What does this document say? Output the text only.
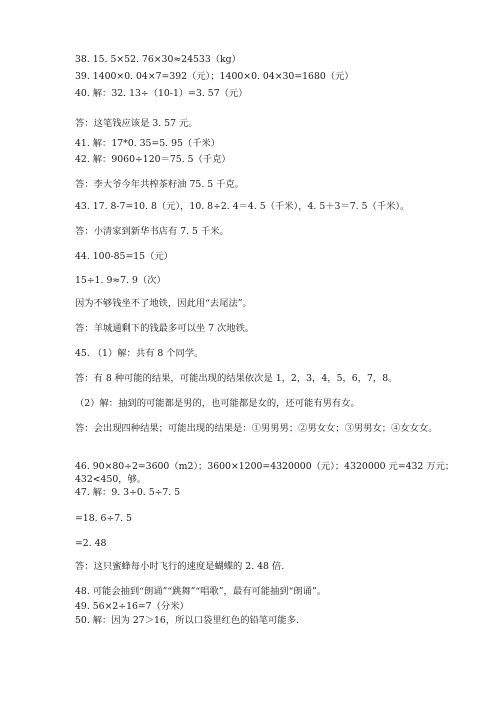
38. 15. 5×52. 76×30≈24533（kg）
39. 1400×0. 04×7=392（元）；1400×0. 04×30=1680（元）
40. 解：32. 13÷（10-1）=3. 57（元）
答：这笔钱应该是 3. 57 元。
41. 解：17*0. 35=5. 95（千米）
42. 解：9060÷120＝75. 5（千克）
答：李大爷今年共榨茶籽油 75. 5 千克。
43. 17. 8-7=10. 8（元），10. 8÷2. 4＝4. 5（千米），4. 5＋3＝7. 5（千米）。
答：小清家到新华书店有 7. 5 千米。
44. 100-85=15（元）
15÷1. 9≈7. 9（次）
因为不够钱坐不了地铁，因此用“去尾法”。
答：羊城通剩下的钱最多可以坐 7 次地铁。
45. （1）解：共有 8 个同学。
答：有 8 种可能的结果，可能出现的结果依次是 1，2，3，4，5，6，7，8。
（2）解：抽到的可能都是男的，也可能都是女的，还可能有男有女。
答：会出现四种结果；可能出现的结果是：①男男男；②男女女；③男男女；④女女女。
46. 90×80÷2=3600（m2）；3600×1200=4320000（元）；4320000 元=432 万元；432<450，够。
47. 解：9. 3÷0. 5÷7. 5
=18. 6÷7. 5
=2. 48
答：这只蜜蜂每小时飞行的速度是蝴蝶的 2. 48 倍.
48. 可能会抽到“朗诵”“跳舞”“唱歌”，最有可能抽到“朗诵”。
49. 56×2÷16=7（分米）
50. 解：因为 27＞16，所以口袋里红色的铅笔可能多.
